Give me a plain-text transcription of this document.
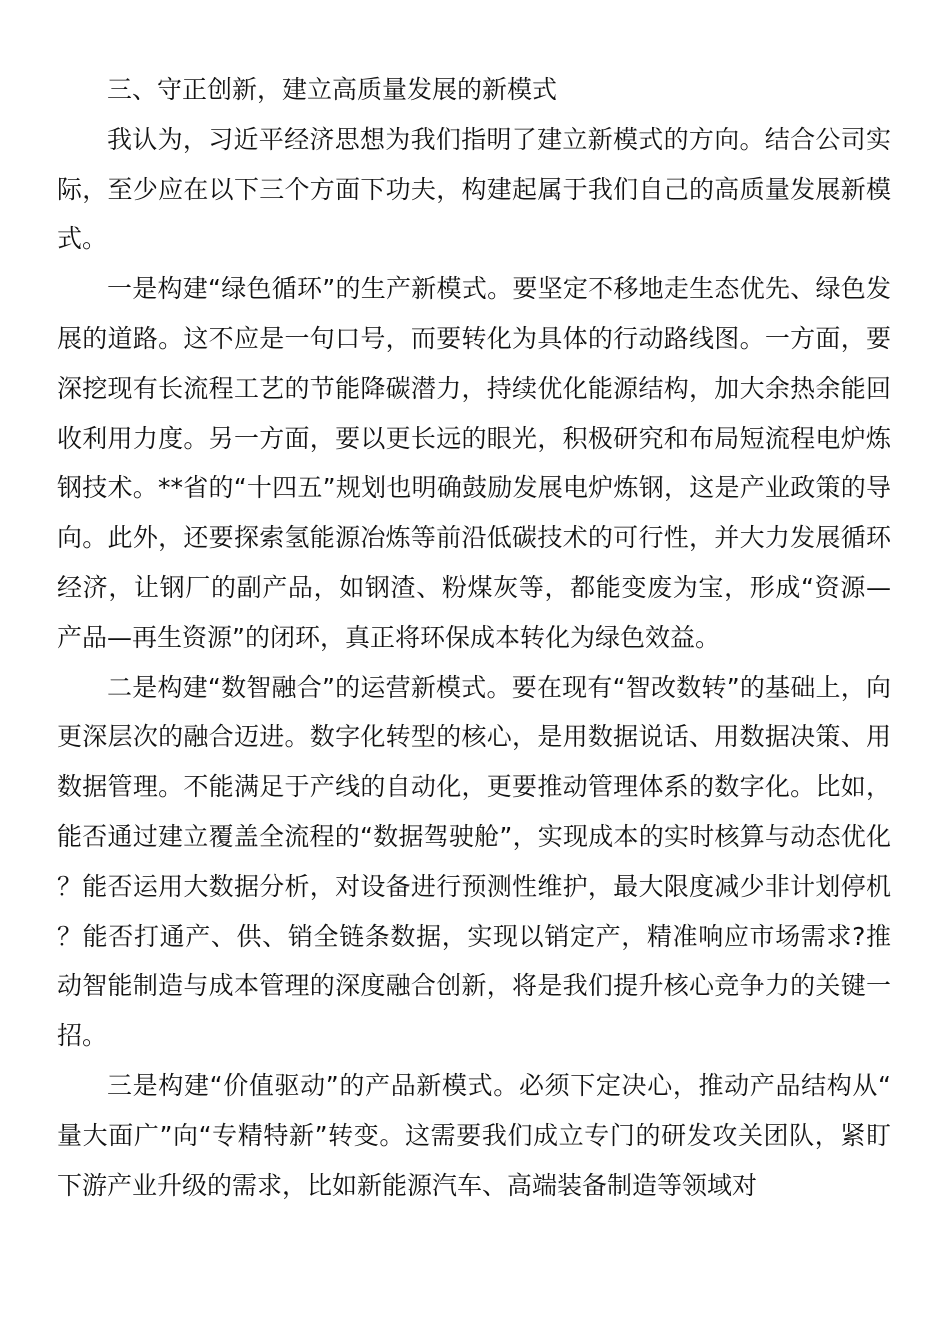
三、守正创新，建立高质量发展的新模式

我认为，习近平经济思想为我们指明了建立新模式的方向。结合公司实际，至少应在以下三个方面下功夫，构建起属于我们自己的高质量发展新模式。

一是构建“绿色循环”的生产新模式。要坚定不移地走生态优先、绿色发展的道路。这不应是一句口号，而要转化为具体的行动路线图。一方面，要深挖现有长流程工艺的节能降碳潜力，持续优化能源结构，加大余热余能回收利用力度。另一方面，要以更长远的眼光，积极研究和布局短流程电炉炼钢技术。**省的“十四五”规划也明确鼓励发展电炉炼钢，这是产业政策的导向。此外，还要探索氢能源冶炼等前沿低碳技术的可行性，并大力发展循环经济，让钢厂的副产品，如钢渣、粉煤灰等，都能变废为宝，形成“资源—产品—再生资源”的闭环，真正将环保成本转化为绿色效益。

二是构建“数智融合”的运营新模式。要在现有“智改数转”的基础上，向更深层次的融合迈进。数字化转型的核心，是用数据说话、用数据决策、用数据管理。不能满足于产线的自动化，更要推动管理体系的数字化。比如，能否通过建立覆盖全流程的“数据驾驶舱”，实现成本的实时核算与动态优化？能否运用大数据分析，对设备进行预测性维护，最大限度减少非计划停机？能否打通产、供、销全链条数据，实现以销定产，精准响应市场需求?推动智能制造与成本管理的深度融合创新，将是我们提升核心竞争力的关键一招。

三是构建“价值驱动”的产品新模式。必须下定决心，推动产品结构从“量大面广”向“专精特新”转变。这需要我们成立专门的研发攻关团队，紧盯下游产业升级的需求，比如新能源汽车、高端装备制造等领域对
